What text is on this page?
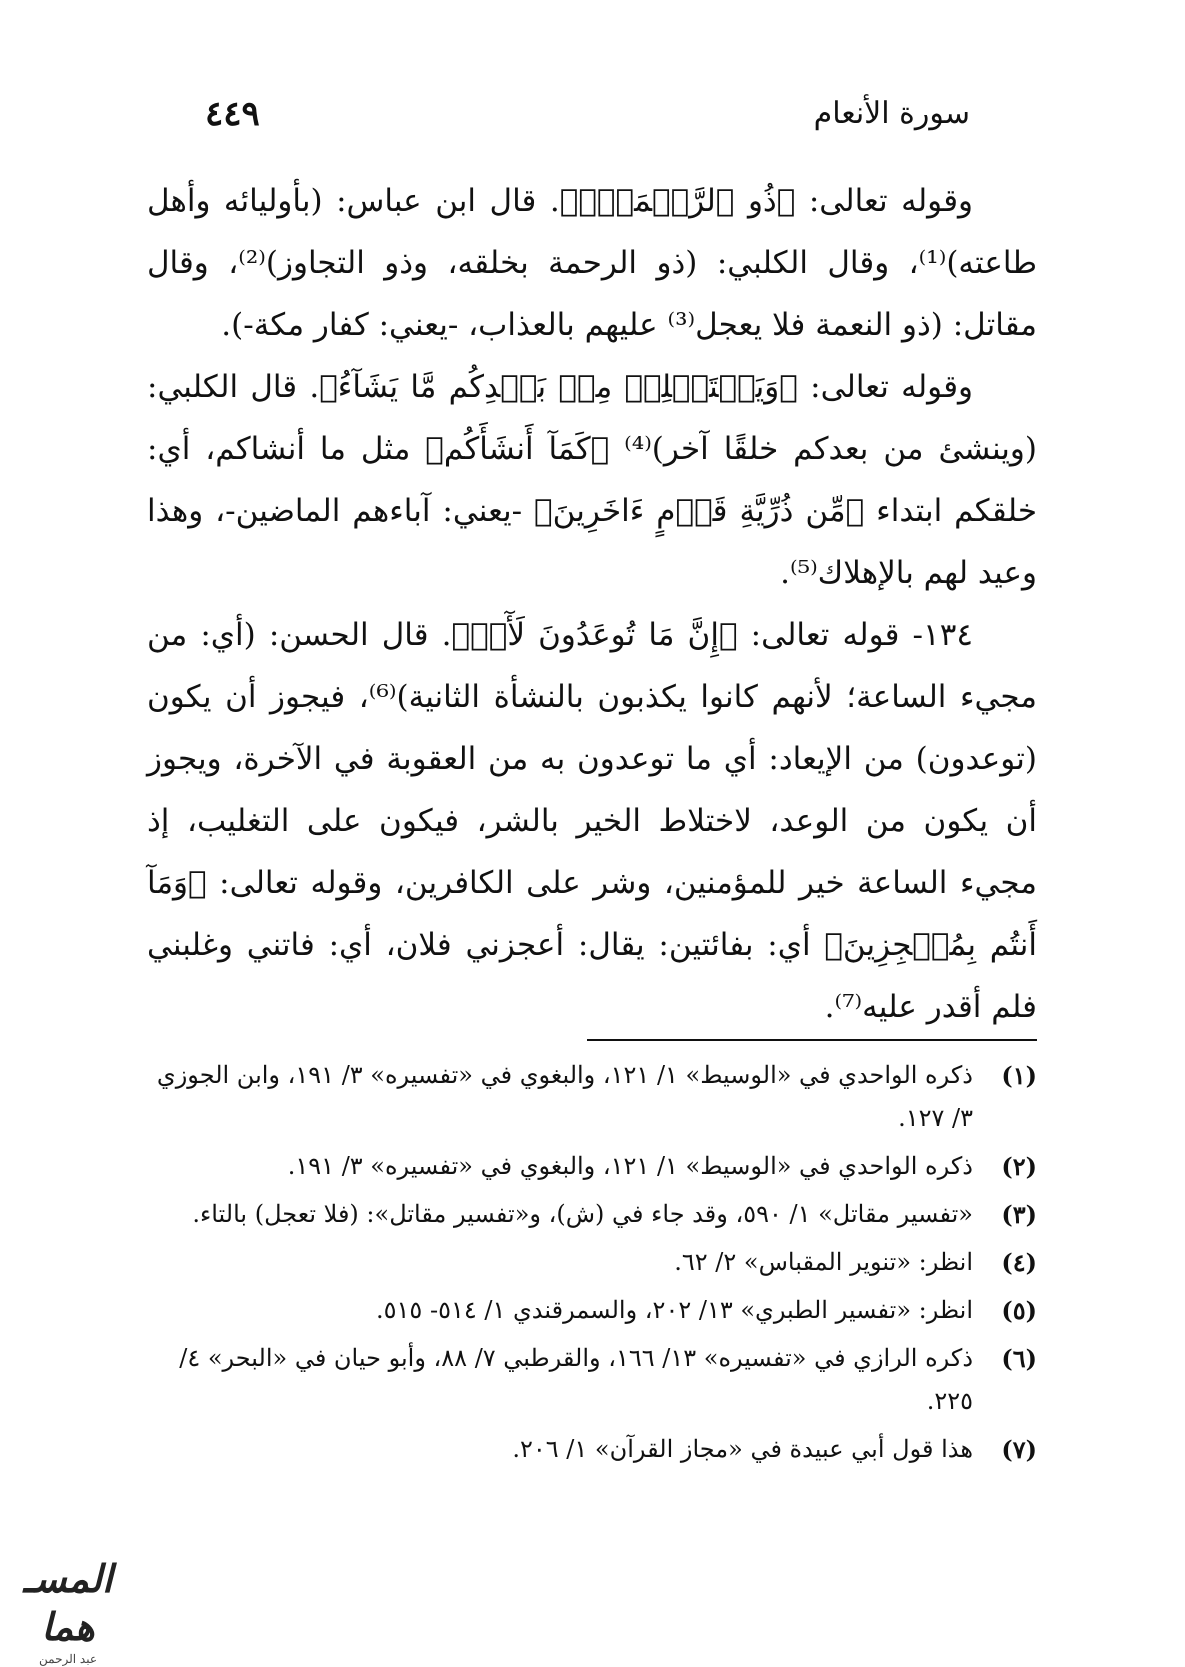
سورة الأنعام
٤٤٩

وقوله تعالى: ﴿ذُو ٱلرَّحۡمَةِۚ﴾. قال ابن عباس: (بأوليائه وأهل طاعته)⁽¹⁾، وقال الكلبي: (ذو الرحمة بخلقه، وذو التجاوز)⁽²⁾، وقال مقاتل: (ذو النعمة فلا يعجل⁽³⁾ عليهم بالعذاب، -يعني: كفار مكة-).

وقوله تعالى: ﴿وَيَسۡتَخۡلِفۡ مِنۢ بَعۡدِكُم مَّا يَشَآءُ﴾. قال الكلبي: (وينشئ من بعدكم خلقًا آخر)⁽⁴⁾ ﴿كَمَآ أَنشَأَكُم﴾ مثل ما أنشاكم، أي: خلقكم ابتداء ﴿مِّن ذُرِّيَّةِ قَوۡمٍ ءَاخَرِينَ﴾ -يعني: آباءهم الماضين-، وهذا وعيد لهم بالإهلاك⁽⁵⁾.

١٣٤- قوله تعالى: ﴿إِنَّ مَا تُوعَدُونَ لَأٓتٖ﴾. قال الحسن: (أي: من مجيء الساعة؛ لأنهم كانوا يكذبون بالنشأة الثانية)⁽⁶⁾، فيجوز أن يكون (توعدون) من الإيعاد: أي ما توعدون به من العقوبة في الآخرة، ويجوز أن يكون من الوعد، لاختلاط الخير بالشر، فيكون على التغليب، إذ مجيء الساعة خير للمؤمنين، وشر على الكافرين، وقوله تعالى: ﴿وَمَآ أَنتُم بِمُعۡجِزِينَ﴾ أي: بفائتين: يقال: أعجزني فلان، أي: فاتني وغلبني فلم أقدر عليه⁽⁷⁾.

(١)
ذكره الواحدي في «الوسيط» ١/ ١٢١، والبغوي في «تفسيره» ٣/ ١٩١، وابن الجوزي ٣/ ١٢٧.
(٢)
ذكره الواحدي في «الوسيط» ١/ ١٢١، والبغوي في «تفسيره» ٣/ ١٩١.
(٣)
«تفسير مقاتل» ١/ ٥٩٠، وقد جاء في (ش)، و«تفسير مقاتل»: (فلا تعجل) بالتاء.
(٤)
انظر: «تنوير المقباس» ٢/ ٦٢.
(٥)
انظر: «تفسير الطبري» ١٣/ ٢٠٢، والسمرقندي ١/ ٥١٤- ٥١٥.
(٦)
ذكره الرازي في «تفسيره» ١٣/ ١٦٦، والقرطبي ٧/ ٨٨، وأبو حيان في «البحر» ٤/ ٢٢٥.
(٧)
هذا قول أبي عبيدة في «مجاز القرآن» ١/ ٢٠٦.
المسـ هما
عبد الرحمن
